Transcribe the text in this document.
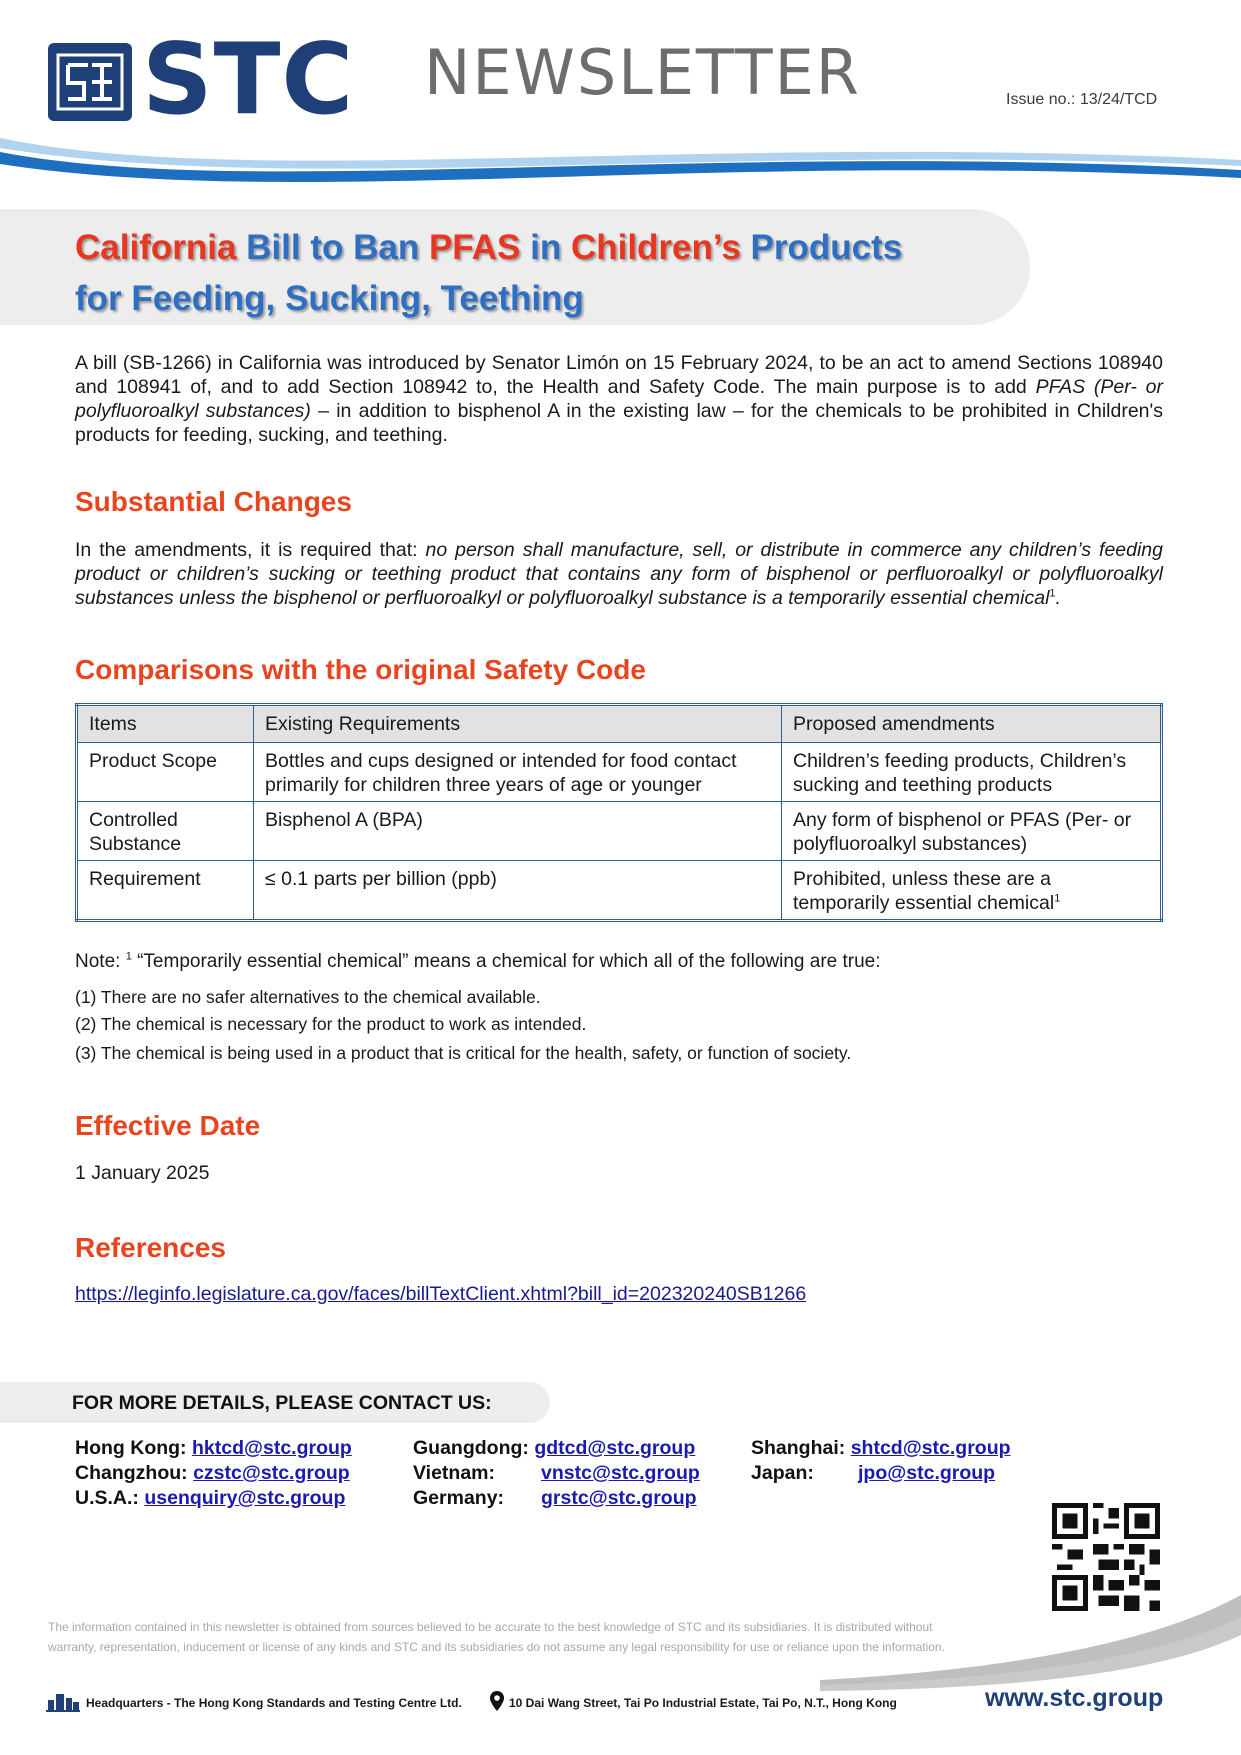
STC NEWSLETTER	Issue no.: 13/24/TCD
California Bill to Ban PFAS in Children’s Products
for Feeding, Sucking, Teething
A bill (SB-1266) in California was introduced by Senator Limón on 15 February 2024, to be an act to amend Sections 108940 and 108941 of, and to add Section 108942 to, the Health and Safety Code. The main purpose is to add PFAS (Per- or polyfluoroalkyl substances) – in addition to bisphenol A in the existing law – for the chemicals to be prohibited in Children's products for feeding, sucking, and teething.
Substantial Changes
In the amendments, it is required that: no person shall manufacture, sell, or distribute in commerce any children’s feeding product or children’s sucking or teething product that contains any form of bisphenol or perfluoroalkyl or polyfluoroalkyl substances unless the bisphenol or perfluoroalkyl or polyfluoroalkyl substance is a temporarily essential chemical$^1$.
Comparisons with the original Safety Code
Items	Existing Requirements	Proposed amendments
Product Scope	Bottles and cups designed or intended for food contact primarily for children three years of age or younger	Children’s feeding products, Children’s sucking and teething products
Controlled Substance	Bisphenol A (BPA)	Any form of bisphenol or PFAS (Per- or polyfluoroalkyl substances)
Requirement	≤ 0.1 parts per billion (ppb)	Prohibited, unless these are a temporarily essential chemical$^1$
Note: $^1$ “Temporarily essential chemical” means a chemical for which all of the following are true:
(1) There are no safer alternatives to the chemical available.
(2) The chemical is necessary for the product to work as intended.
(3) The chemical is being used in a product that is critical for the health, safety, or function of society.
Effective Date
1 January 2025
References
https://leginfo.legislature.ca.gov/faces/billTextClient.xhtml?bill_id=202320240SB1266
FOR MORE DETAILS, PLEASE CONTACT US:
Hong Kong: hktcd@stc.group
Changzhou: czstc@stc.group
U.S.A.: usenquiry@stc.group
Guangdong: gdtcd@stc.group
Vietnam: vnstc@stc.group
Germany: grstc@stc.group
Shanghai: shtcd@stc.group
Japan: jpo@stc.group
The information contained in this newsletter is obtained from sources believed to be accurate to the best knowledge of STC and its subsidiaries. It is distributed without warranty, representation, inducement or license of any kinds and STC and its subsidiaries do not assume any legal responsibility for use or reliance upon the information.
Headquarters - The Hong Kong Standards and Testing Centre Ltd.	10 Dai Wang Street, Tai Po Industrial Estate, Tai Po, N.T., Hong Kong	www.stc.group
